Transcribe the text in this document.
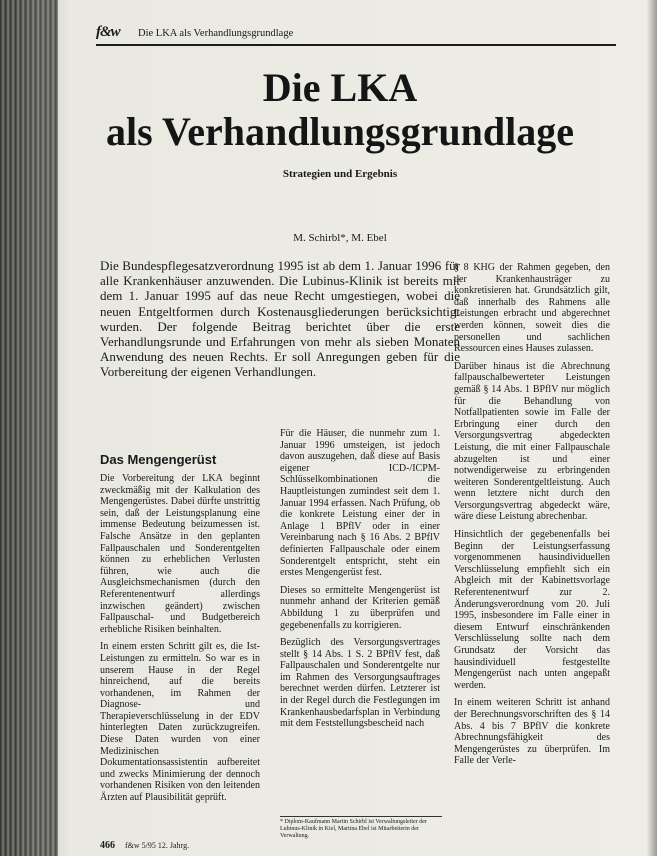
f&w Die LKA als Verhandlungsgrundlage
Die LKA
als Verhandlungsgrundlage
Strategien und Ergebnis
M. Schirbl*, M. Ebel
Die Bundespflegesatzverordnung 1995 ist ab dem 1. Januar 1996 für alle Krankenhäuser anzuwenden. Die Lubinus-Klinik ist bereits mit dem 1. Januar 1995 auf das neue Recht umgestiegen, wobei die neuen Entgeltformen durch Kostenausgliederungen berücksichtigt wurden. Der folgende Beitrag berichtet über die erste Verhandlungsrunde und Erfahrungen von mehr als sieben Monaten Anwendung des neuen Rechts. Er soll Anregungen geben für die Vorbereitung der eigenen Verhandlungen.
Das Mengengerüst

Die Vorbereitung der LKA beginnt zweckmäßig mit der Kalkulation des Mengengerüstes. Dabei dürfte unstrittig sein, daß der Leistungsplanung eine immense Bedeutung beizumessen ist. Falsche Ansätze in den geplanten Fallpauschalen und Sonderentgelten können zu erheblichen Verlusten führen, wie auch die Ausgleichsmechanismen (durch den Referentenentwurf allerdings inzwischen geändert) zwischen Fallpauschal- und Budgetbereich erhebliche Risiken beinhalten.

In einem ersten Schritt gilt es, die Ist-Leistungen zu ermitteln. So war es in unserem Hause in der Regel hinreichend, auf die bereits vorhandenen, im Rahmen der Diagnose- und Therapieverschlüsselung in der EDV hinterlegten Daten zurückzugreifen. Diese Daten wurden von einer Medizinischen Dokumentationsassistentin aufbereitet und zwecks Minimierung der dennoch vorhandenen Risiken von den leitenden Ärzten auf Plausibilität geprüft.

Für die Häuser, die nunmehr zum 1. Januar 1996 umsteigen, ist jedoch davon auszugehen, daß diese auf Basis eigener ICD-/ICPM-Schlüsselkombinationen die Hauptleistungen zumindest seit dem 1. Januar 1994 erfassen. Nach Prüfung, ob die konkrete Leistung einer der in Anlage 1 BPflV oder in einer Vereinbarung nach § 16 Abs. 2 BPflV definierten Fallpauschale oder einem Sonderentgelt entspricht, steht ein erstes Mengengerüst fest.

Dieses so ermittelte Mengengerüst ist nunmehr anhand der Kriterien gemäß Abbildung 1 zu überprüfen und gegebenenfalls zu korrigieren.

Bezüglich des Versorgungsvertrages stellt § 14 Abs. 1 S. 2 BPflV fest, daß Fallpauschalen und Sonderentgelte nur im Rahmen des Versorgungsauftrages berechnet werden dürfen. Letzterer ist in der Regel durch die Festlegungen im Krankenhausbedarfsplan in Verbindung mit dem Feststellungsbescheid nach

§ 8 KHG der Rahmen gegeben, den der Krankenhausträger zu konkretisieren hat. Grundsätzlich gilt, daß innerhalb des Rahmens alle Leistungen erbracht und abgerechnet werden können, soweit dies die personellen und sachlichen Ressourcen eines Hauses zulassen.

Darüber hinaus ist die Abrechnung fallpauschalbewerteter Leistungen gemäß § 14 Abs. 1 BPflV nur möglich für die Behandlung von Notfallpatienten sowie im Falle der Erbringung einer durch den Versorgungsvertrag abgedeckten Leistung, die mit einer Fallpauschale abzugelten ist und einer notwendigerweise zu erbringenden weiteren Sonderentgeltleistung. Auch wenn letztere nicht durch den Versorgungsvertrag abgedeckt wäre, wäre diese Leistung abrechenbar.

Hinsichtlich der gegebenenfalls bei Beginn der Leistungserfassung vorgenommenen hausindividuellen Verschlüsselung empfiehlt sich ein Abgleich mit der Kabinettsvorlage Referentenentwurf zur 2. Änderungsverordnung vom 20. Juli 1995, insbesondere im Falle einer in diesem Entwurf einschränkenden Verschlüsselung sollte nach dem Grundsatz der Vorsicht das hausindividuell festgestellte Mengengerüst nach unten angepaßt werden.

In einem weiteren Schritt ist anhand der Berechnungsvorschriften des § 14 Abs. 4 bis 7 BPflV die konkrete Abrechnungsfähigkeit des Mengengerüstes zu überprüfen. Im Falle der Verle-

* Diplom-Kaufmann Martin Schirbl ist Verwaltungsleiter der Lubinus-Klinik in Kiel, Martina Ebel ist Mitarbeiterin der Verwaltung.
466 f&w 5/95 12. Jahrg.
